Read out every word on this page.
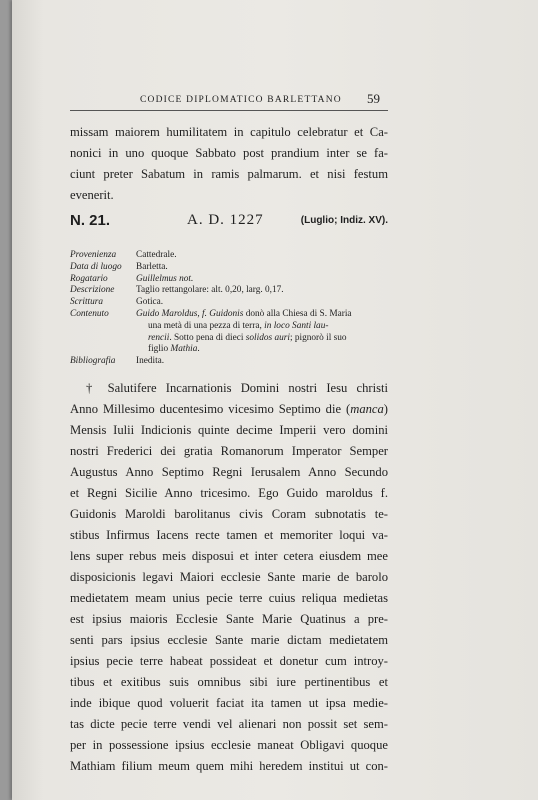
CODICE DIPLOMATICO BARLETTANO 59
missam maiorem humilitatem in capitulo celebratur et Ca-
nonici in uno quoque Sabbato post prandium inter se fa-
ciunt preter Sabatum in ramis palmarum. et nisi festum
evenerit.
N. 21.	A. D. 1227	(Luglio; Indiz. XV).
Provenienza	Cattedrale.
Data di luogo	Barletta.
Rogatario	Guillelmus not.
Descrizione	Taglio rettangolare: alt. 0,20, larg. 0,17.
Scrittura	Gotica.
Contenuto	Guido Maroldus, f. Guidonis donò alla Chiesa di S. Maria
una metà di una pezza di terra, in loco Santi lau-
rencii. Sotto pena di dieci solidos auri; pignorò il suo
figlio Mathia.
Bibliografia	Inedita.
† Salutifere Incarnationis Domini nostri Iesu christi
Anno Millesimo ducentesimo vicesimo Septimo die (manca)
Mensis Iulii Indicionis quinte decime Imperii vero domini
nostri Frederici dei gratia Romanorum Imperator Semper
Augustus Anno Septimo Regni Ierusalem Anno Secundo
et Regni Sicilie Anno tricesimo. Ego Guido maroldus f.
Guidonis Maroldi barolitanus civis Coram subnotatis te-
stibus Infirmus Iacens recte tamen et memoriter loqui va-
lens super rebus meis disposui et inter cetera eiusdem mee
disposicionis legavi Maiori ecclesie Sante marie de barolo
medietatem meam unius pecie terre cuius reliqua medietas
est ipsius maioris Ecclesie Sante Marie Quatinus a pre-
senti pars ipsius ecclesie Sante marie dictam medietatem
ipsius pecie terre habeat possideat et donetur cum introy-
tibus et exitibus suis omnibus sibi iure pertinentibus et
inde ibique quod voluerit faciat ita tamen ut ipsa medie-
tas dicte pecie terre vendi vel alienari non possit set sem-
per in possessione ipsius ecclesie maneat Obligavi quoque
Mathiam filium meum quem mihi heredem institui ut con-
